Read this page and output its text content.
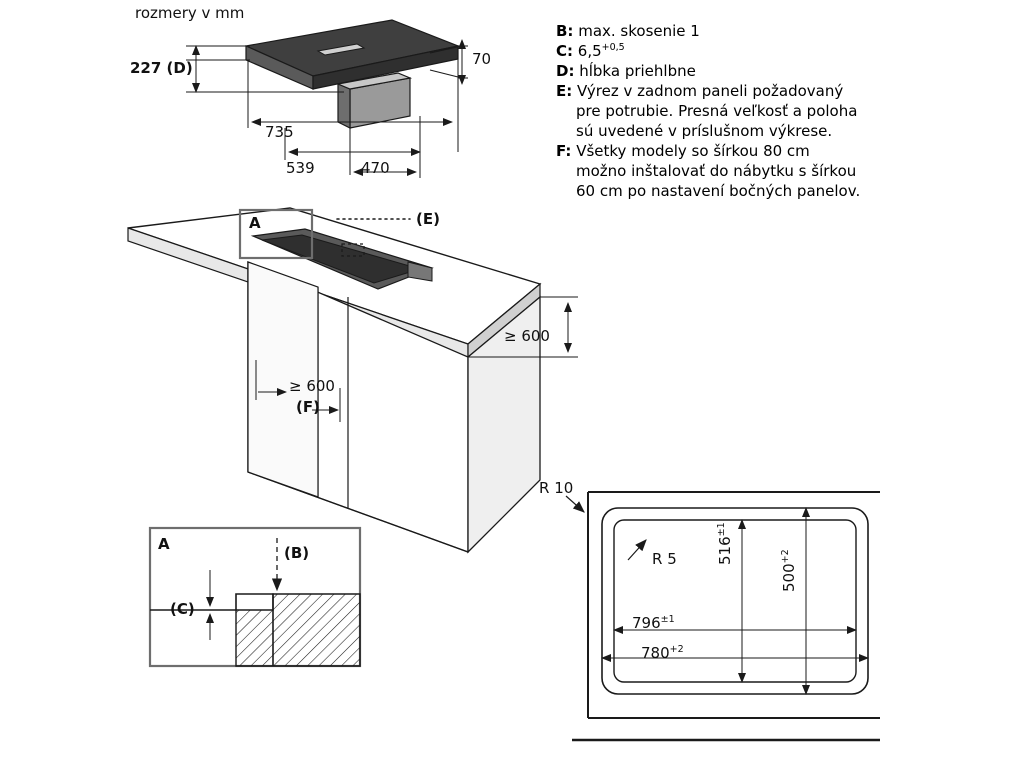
rozmery v mm
B: max. skosenie 1
C: $6,5^{+0,5}$
D: hĺbka priehlbne
E: Výrez v zadnom paneli požadovaný
pre potrubie. Presná veľkosť a poloha
sú uvedené v príslušnom výkrese.
F: Všetky modely so šírkou 80 cm
možno inštalovať do nábytku s šírkou
60 cm po nastavení bočných panelov.
227 (D)	70
735
539	470
(E)
A
≥ 600
≥ 600
(F)
A	(B)
(C)
R 10
R 5
$796^{\pm 1}$
$780^{+2}$
$516^{\pm 1}$
$500^{+2}$
